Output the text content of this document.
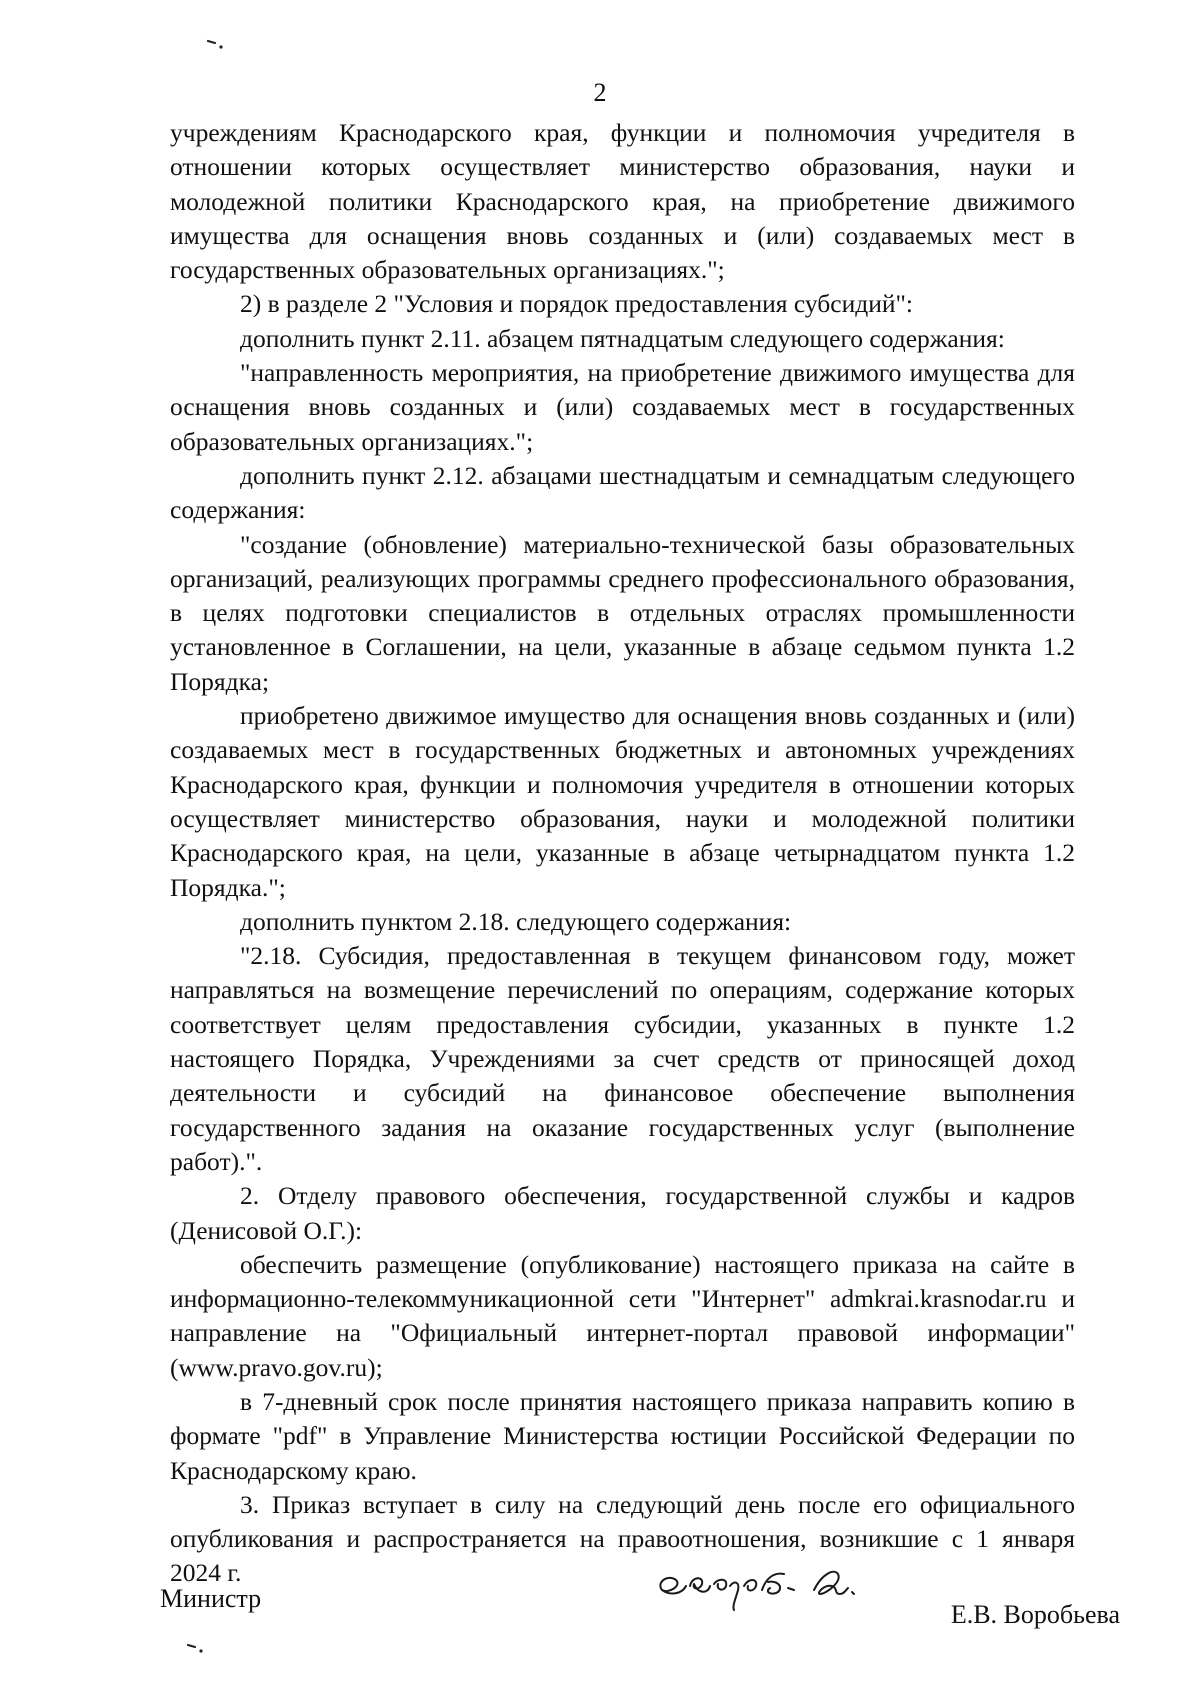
2

учреждениям Краснодарского края, функции и полномочия учредителя в отношении которых осуществляет министерство образования, науки и молодежной политики Краснодарского края, на приобретение движимого имущества для оснащения вновь созданных и (или) создаваемых мест в государственных образовательных организациях.";

2) в разделе 2 "Условия и порядок предоставления субсидий":

дополнить пункт 2.11. абзацем пятнадцатым следующего содержания:

"направленность мероприятия, на приобретение движимого имущества для оснащения вновь созданных и (или) создаваемых мест в государственных образовательных организациях.";

дополнить пункт 2.12. абзацами шестнадцатым и семнадцатым следующего содержания:

"создание (обновление) материально-технической базы образовательных организаций, реализующих программы среднего профессионального образования, в целях подготовки специалистов в отдельных отраслях промышленности установленное в Соглашении, на цели, указанные в абзаце седьмом пункта 1.2 Порядка;

приобретено движимое имущество для оснащения вновь созданных и (или) создаваемых мест в государственных бюджетных и автономных учреждениях Краснодарского края, функции и полномочия учредителя в отношении которых осуществляет министерство образования, науки и молодежной политики Краснодарского края, на цели, указанные в абзаце четырнадцатом пункта 1.2 Порядка.";

дополнить пунктом 2.18. следующего содержания:

"2.18. Субсидия, предоставленная в текущем финансовом году, может направляться на возмещение перечислений по операциям, содержание которых соответствует целям предоставления субсидии, указанных в пункте 1.2 настоящего Порядка, Учреждениями за счет средств от приносящей доход деятельности и субсидий на финансовое обеспечение выполнения государственного задания на оказание государственных услуг (выполнение работ).".

2. Отделу правового обеспечения, государственной службы и кадров (Денисовой О.Г.):

обеспечить размещение (опубликование) настоящего приказа на сайте в информационно-телекоммуникационной сети "Интернет" admkrai.krasnodar.ru и направление на "Официальный интернет-портал правовой информации" (www.pravo.gov.ru);

в 7-дневный срок после принятия настоящего приказа направить копию в формате "pdf" в Управление Министерства юстиции Российской Федерации по Краснодарскому краю.

3. Приказ вступает в силу на следующий день после его официального опубликования и распространяется на правоотношения, возникшие с 1 января 2024 г.

Министр
Е.В. Воробьева
